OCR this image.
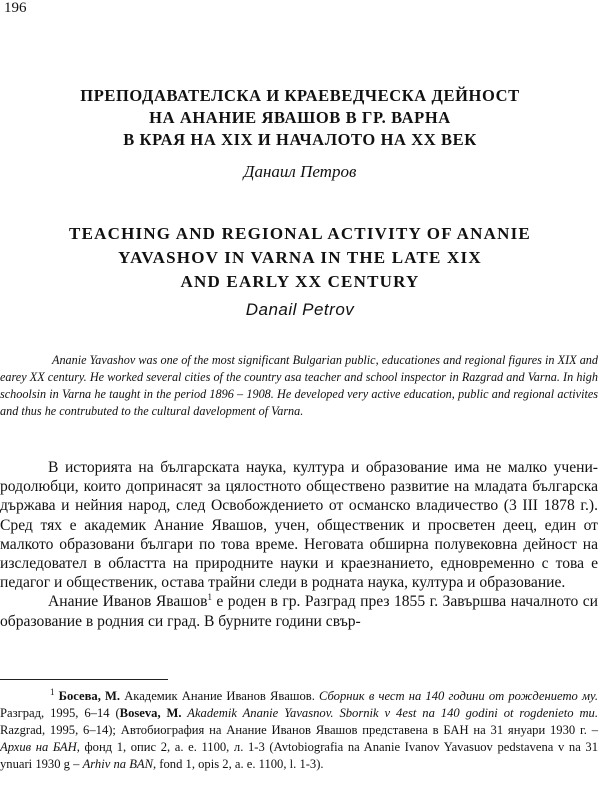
196
ПРЕПОДАВАТЕЛСКА И КРАЕВЕДЧЕСКА ДЕЙНОСТ
НА АНАНИЕ ЯВАШОВ В ГР. ВАРНА
В КРАЯ НА XIX И НАЧАЛОТО НА XX ВЕК
Данаил Петров
TEACHING AND REGIONAL ACTIVITY OF ANANIE
YAVASHOV IN VARNA IN THE LATE XIX
AND EARLY XX CENTURY
Danail Petrov

Ananie Yavashov was one of the most significant Bulgarian public, educationes and regional figures in XIX and earey XX century. He worked several cities of the country asa teacher and school inspector in Razgrad and Varna. In high schoolsin in Varna he taught in the period 1896 – 1908. He developed very active education, public and regional activites and thus he contrubuted to the cultural davelopment of Varna.

В историята на българската наука, култура и образование има не малко учени-родолюбци, които допринасят за цялостното обществено развитие на младата българска държава и нейния народ, след Освобождението от османско владичество (3 III 1878 г.). Сред тях е академик Анание Явашов, учен, общественик и просветен деец, един от малкото образовани българи по това време. Неговата обширна полувековна дейност на изследовател в областта на природните науки и краезнанието, едновременно с това е педагог и общественик, остава трайни следи в родната наука, култура и образование.

Анание Иванов Явашов$^1$ е роден в гр. Разград през 1855 г. Завършва началното си образование в родния си град. В бурните години свър-

$^1$ Босева, М. Академик Анание Иванов Явашов. Сборник в чест на 140 години от рождението му. Разград, 1995, 6–14 (Boseva, M. Akademik Ananie Yavasnov. Sbornik v 4est na 140 godini ot rogdenieto mu. Razgrad, 1995, 6–14); Автобиография на Анание Иванов Явашов представена в БАН на 31 януари 1930 г. – Архив на БАН, фонд 1, опис 2, а. е. 1100, л. 1-3 (Avtobiografia na Ananie Ivanov Yavasuov pedstavena v na 31 ynuari 1930 g – Arhiv na BAN, fond 1, opis 2, a. e. 1100, l. 1-3).
